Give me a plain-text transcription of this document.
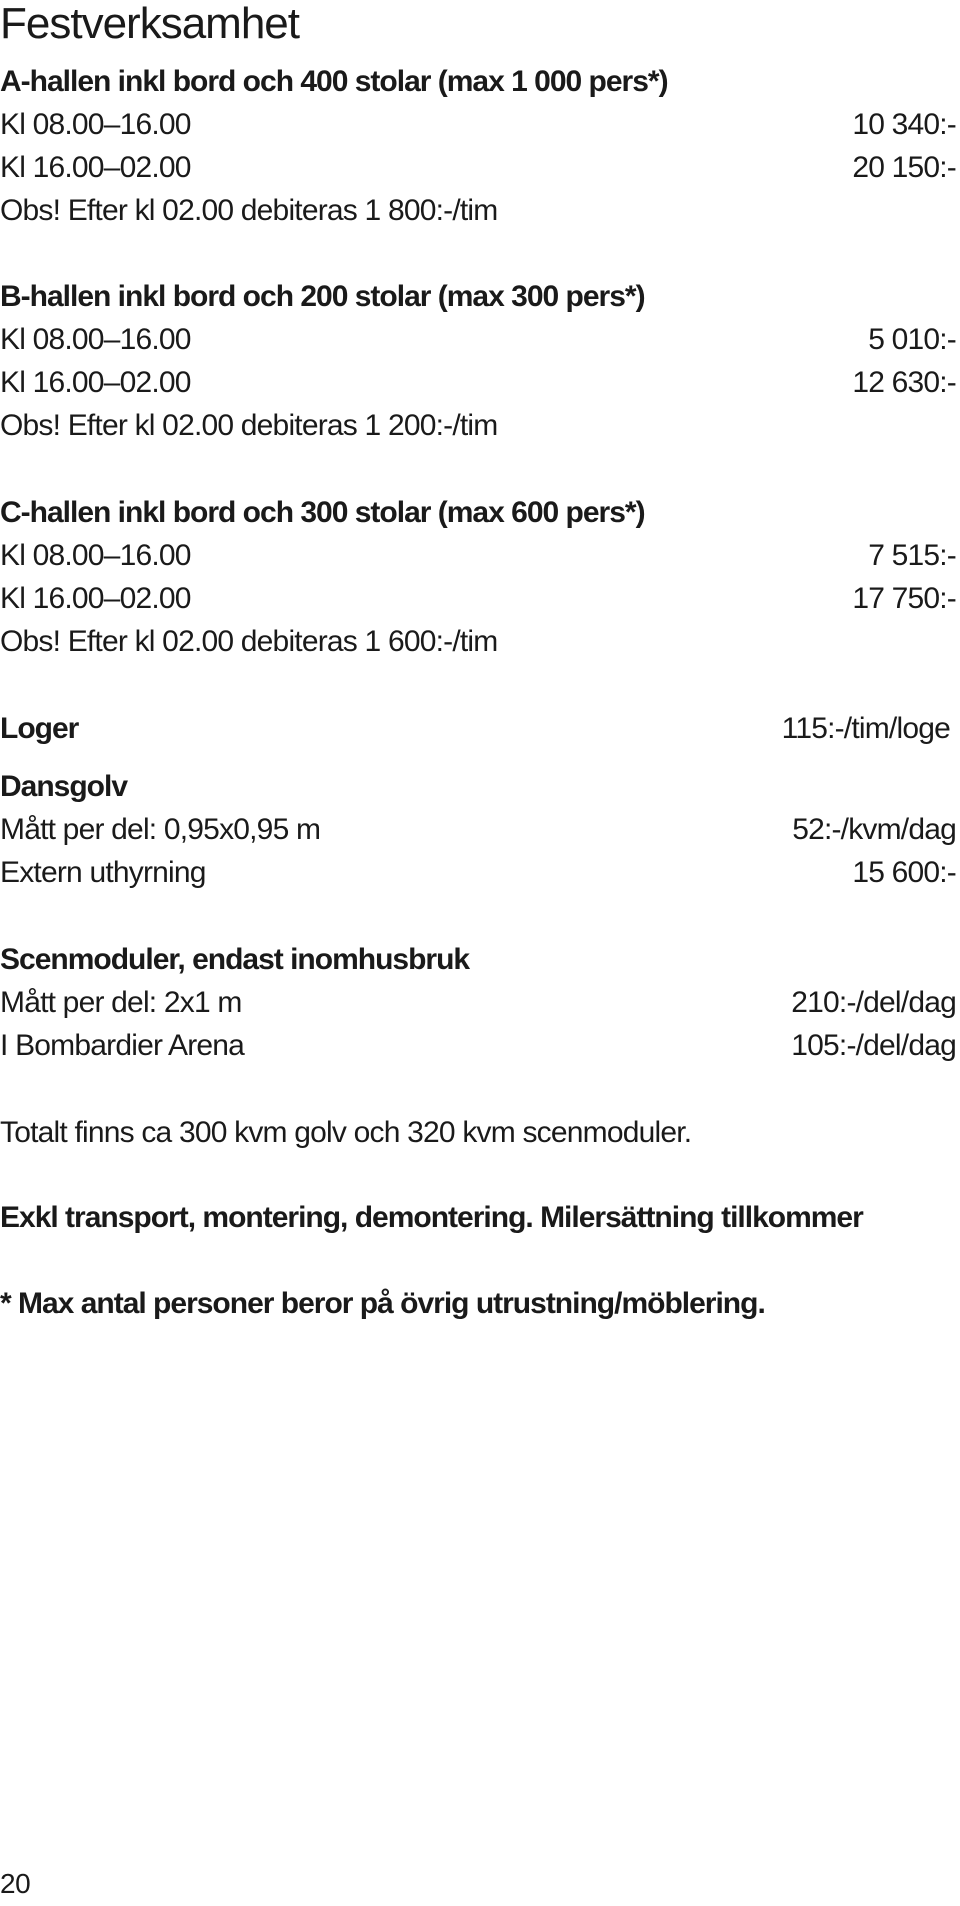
Festverksamhet
A-hallen inkl bord och 400 stolar (max 1 000 pers*)
Kl 08.00–16.00	10 340:-
Kl 16.00–02.00	20 150:-
Obs! Efter kl 02.00 debiteras 1 800:-/tim
B-hallen inkl bord och 200 stolar (max 300 pers*)
Kl 08.00–16.00	5 010:-
Kl 16.00–02.00	12 630:-
Obs! Efter kl 02.00 debiteras 1 200:-/tim
C-hallen inkl bord och 300 stolar (max 600 pers*)
Kl 08.00–16.00	7 515:-
Kl 16.00–02.00	17 750:-
Obs! Efter kl 02.00 debiteras 1 600:-/tim
Loger	115:-/tim/loge
Dansgolv
Mått per del: 0,95x0,95 m	52:-/kvm/dag
Extern uthyrning	15 600:-
Scenmoduler, endast inomhusbruk
Mått per del: 2x1 m	210:-/del/dag
I Bombardier Arena	105:-/del/dag
Totalt finns ca 300 kvm golv och 320 kvm scenmoduler.
Exkl transport, montering, demontering. Milersättning tillkommer
* Max antal personer beror på övrig utrustning/möblering.
20
